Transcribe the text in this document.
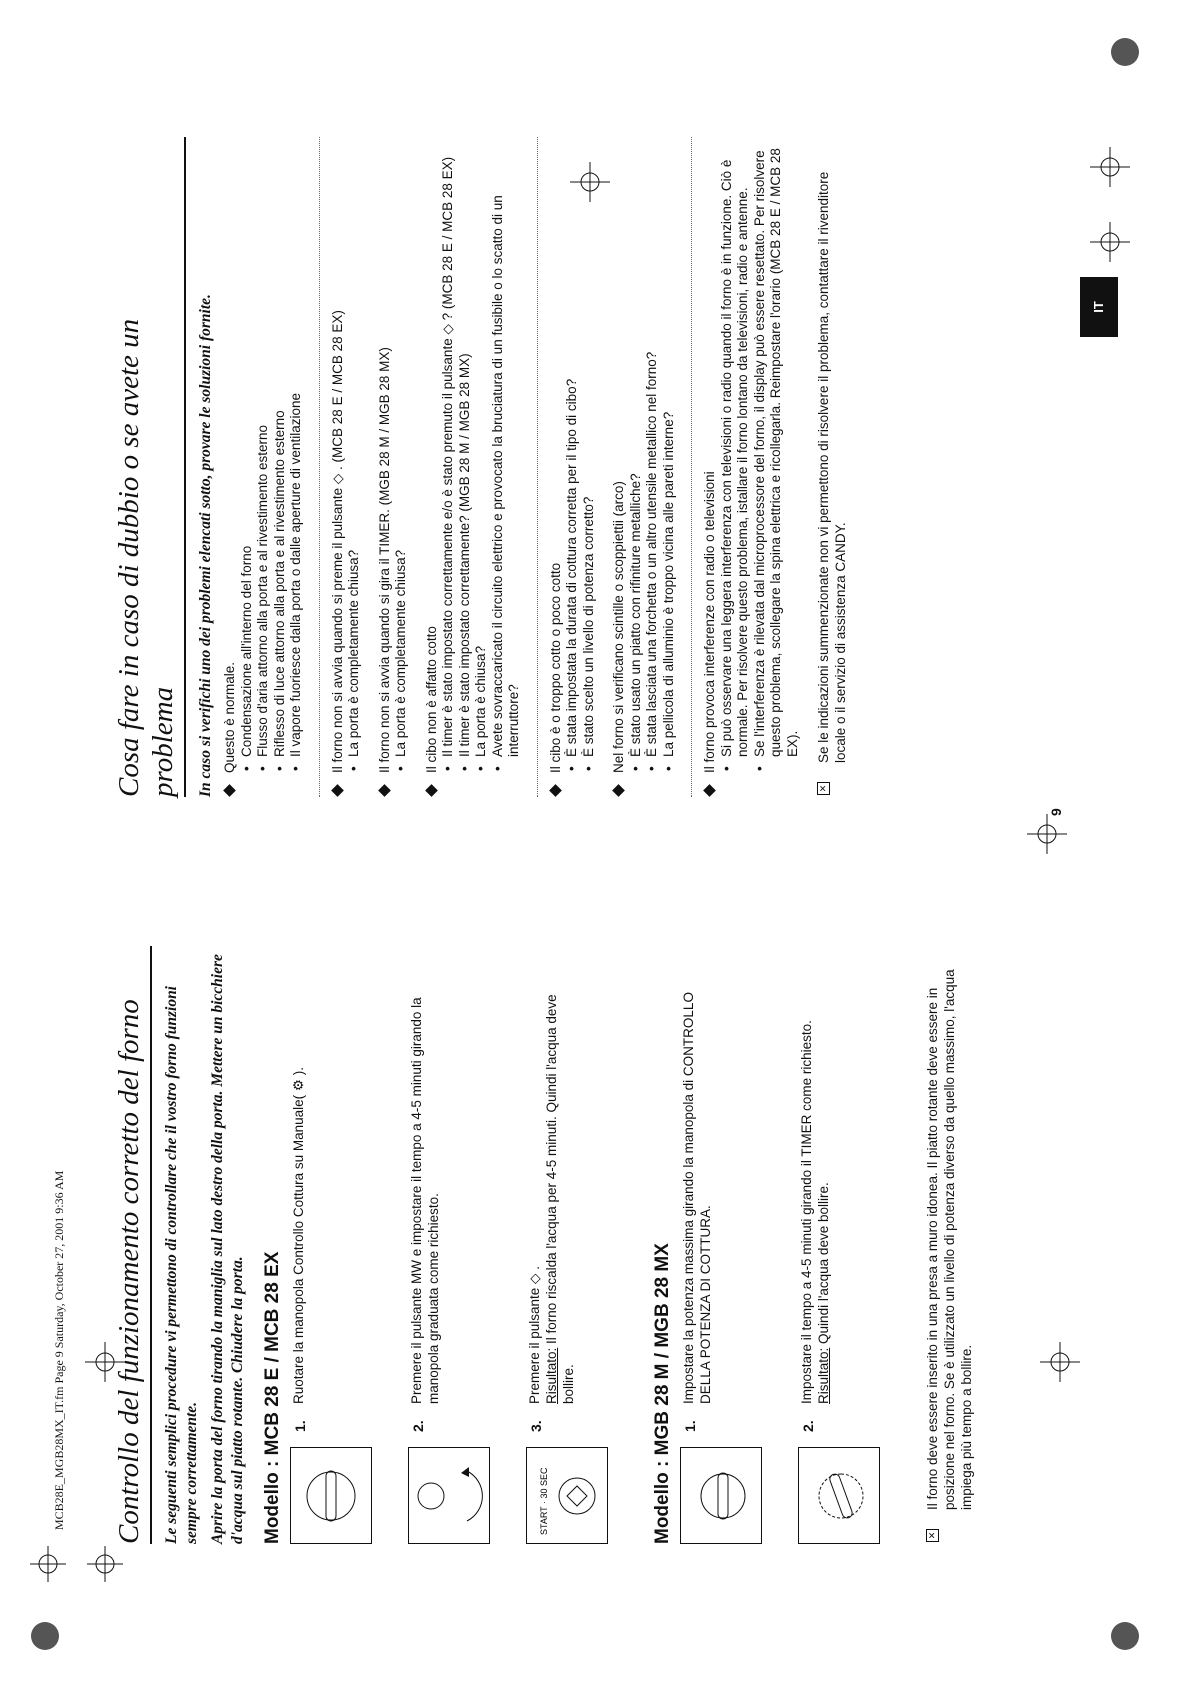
MCB28E_MGB28MX_IT.fm Page 9 Saturday, October 27, 2001 9:36 AM Controllo del funzionamento corretto del forno Le seguenti semplici procedure vi permettono di controllare che il vostro forno funzioni sempre correttamente. Aprire la porta del forno tirando la maniglia sul lato destro della porta. Mettere un bicchiere d'acqua sul piatto rotante. Chiudere la porta. Modello : MCB 28 E / MCB 28 EX 1.
Ruotare la manopola Controllo Cottura su Manuale( ⚙ ).
2.
Premere il pulsante MW e impostare il tempo a 4-5 minuti girando la manopola graduata come richiesto.
START · 30 SEC
3.
Premere il pulsante ◇ . Risultato: Il forno riscalda l'acqua per 4-5 minuti. Quindi l'acqua deve bollire.	Modello : MGB 28 M / MGB 28 MX 1.
Impostare la potenza massima girando la manopola di CONTROLLO DELLA POTENZA DI COTTURA.
2.
Impostare il tempo a 4-5 minuti girando il TIMER come richiesto. Risultato: Quindi l'acqua deve bollire.
✕
Il forno deve essere inserito in una presa a muro idonea. Il piatto rotante deve essere in posizione nel forno. Se è utilizzato un livello di potenza diverso da quello massimo, l'acqua impiega più tempo a bollire.
Cosa fare in caso di dubbio o se avete un
problema In caso si verifichi uno dei problemi elencati sotto, provare le soluzioni fornite. Questo è normale. • Condensazione all'interno del forno • Flusso d'aria attorno alla porta e al rivestimento esterno • Riflesso di luce attorno alla porta e al rivestimento esterno • Il vapore fuoriesce dalla porta o dalle aperture di ventilazione Il forno non si avvia quando si preme il pulsante ◇ . (MCB 28 E / MCB 28 EX) • La porta è completamente chiusa? Il forno non si avvia quando si gira il TIMER. (MGB 28 M / MGB 28 MX) • La porta è completamente chiusa? Il cibo non è affatto cotto • Il timer è stato impostato correttamente e/o è stato premuto il pulsante ◇ ? (MCB 28 E / MCB 28 EX) • Il timer è stato impostato correttamente? (MGB 28 M / MGB 28 MX) • La porta è chiusa? • Avete sovraccaricato il circuito elettrico e provocato la bruciatura di un fusibile o lo scatto di un interruttore? Il cibo è o troppo cotto o poco cotto • È stata impostata la durata di cottura corretta per il tipo di cibo? • È stato scelto un livello di potenza corretto? Nel forno si verificano scintille o scoppiettii (arco) • È stato usato un piatto con rifiniture metalliche? • È stata lasciata una forchetta o un altro utensile metallico nel forno? • La pellicola di alluminio è troppo vicina alle pareti interne? Il forno provoca interferenze con radio o televisioni • Si può osservare una leggera interferenza con televisioni o radio quando il forno è in funzione. Ciò è normale. Per risolvere questo problema, istallare il forno lontano da televisioni, radio e antenne. • Se l'interferenza è rilevata dal microprocessore del forno, il display può essere resettato. Per risolvere questo problema, scollegare la spina elettrica e ricollegarla. Reimpostare l'orario (MCB 28 E / MCB 28 EX).
✕
Se le indicazioni summenzionate non vi permettono di risolvere il problema, contattare il rivenditore locale o il servizio di assistenza CANDY.
IT
9
